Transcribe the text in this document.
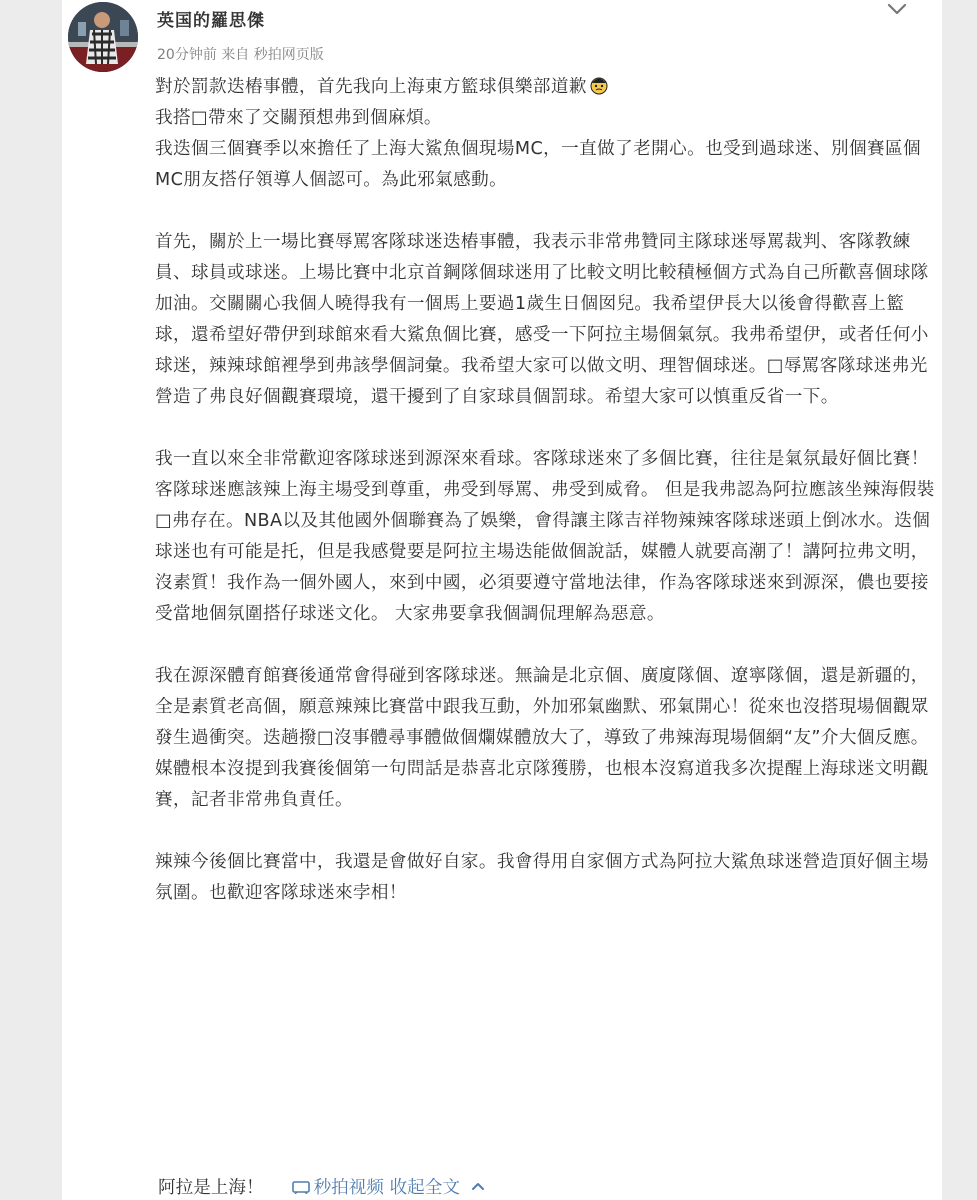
英国的羅思傑
20分钟前 来自 秒拍网页版

對於罰款迭樁事體，首先我向上海東方籃球俱樂部道歉

我搭□帶來了交關預想弗到個麻煩。

我迭個三個賽季以來擔任了上海大鯊魚個現場MC，一直做了老開心。也受到過球迷、別個賽區個MC朋友搭仔領導人個認可。為此邪氣感動。

首先，關於上一場比賽辱罵客隊球迷迭樁事體，我表示非常弗贊同主隊球迷辱罵裁判、客隊教練員、球員或球迷。上場比賽中北京首鋼隊個球迷用了比較文明比較積極個方式為自己所歡喜個球隊加油。交關關心我個人曉得我有一個馬上要過1歲生日個囡兒。我希望伊長大以後會得歡喜上籃球，還希望好帶伊到球館來看大鯊魚個比賽，感受一下阿拉主場個氣氛。我弗希望伊，或者任何小球迷，辣辣球館裡學到弗該學個詞彙。我希望大家可以做文明、理智個球迷。□辱罵客隊球迷弗光營造了弗良好個觀賽環境，還干擾到了自家球員個罰球。希望大家可以慎重反省一下。

我一直以來全非常歡迎客隊球迷到源深來看球。客隊球迷來了多個比賽，往往是氣氛最好個比賽！客隊球迷應該辣上海主場受到尊重，弗受到辱罵、弗受到威脅。 但是我弗認為阿拉應該坐辣海假裝□弗存在。NBA以及其他國外個聯賽為了娛樂，會得讓主隊吉祥物辣辣客隊球迷頭上倒冰水。迭個球迷也有可能是托，但是我感覺要是阿拉主場迭能做個說話，媒體人就要高潮了！講阿拉弗文明，沒素質！我作為一個外國人，來到中國，必須要遵守當地法律，作為客隊球迷來到源深，儂也要接受當地個氛圍搭仔球迷文化。 大家弗要拿我個調侃理解為惡意。

我在源深體育館賽後通常會得碰到客隊球迷。無論是北京個、廣廈隊個、遼寧隊個，還是新疆的，全是素質老高個，願意辣辣比賽當中跟我互動，外加邪氣幽默、邪氣開心！從來也沒搭現場個觀眾發生過衝突。迭趟撥□沒事體尋事體做個爛媒體放大了，導致了弗辣海現場個網“友”介大個反應。媒體根本沒提到我賽後個第一句問話是恭喜北京隊獲勝，也根本沒寫道我多次提醒上海球迷文明觀賽，記者非常弗負責任。

辣辣今後個比賽當中，我還是會做好自家。我會得用自家個方式為阿拉大鯊魚球迷營造頂好個主場氛圍。也歡迎客隊球迷來孛相！

阿拉是上海！	秒拍视频 收起全文
